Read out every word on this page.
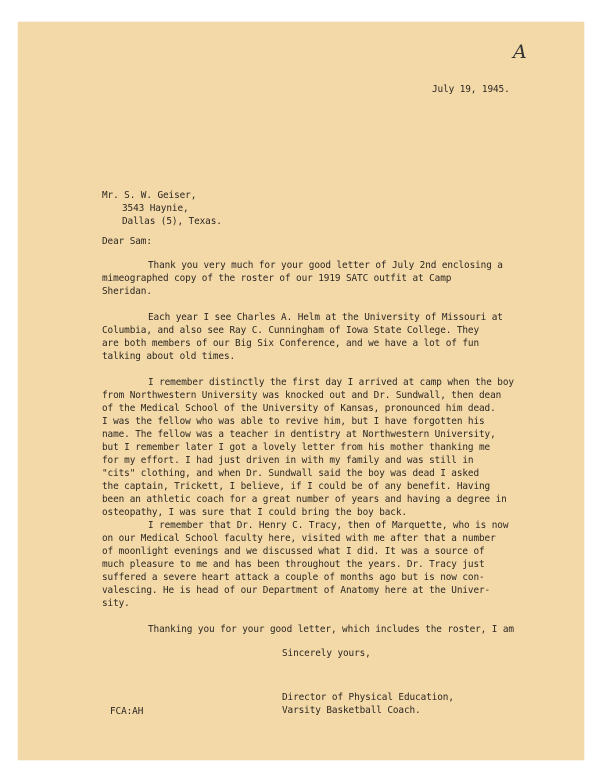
A
July 19, 1945.
Mr. S. W. Geiser,
3543 Haynie,
Dallas (5), Texas.
Dear Sam:
Thank you very much for your good letter of July 2nd enclosing a
mimeographed copy of the roster of our 1919 SATC outfit at Camp
Sheridan.
Each year I see Charles A. Helm at the University of Missouri at
Columbia, and also see Ray C. Cunningham of Iowa State College. They
are both members of our Big Six Conference, and we have a lot of fun
talking about old times.
I remember distinctly the first day I arrived at camp when the boy
from Northwestern University was knocked out and Dr. Sundwall, then dean
of the Medical School of the University of Kansas, pronounced him dead.
I was the fellow who was able to revive him, but I have forgotten his
name. The fellow was a teacher in dentistry at Northwestern University,
but I remember later I got a lovely letter from his mother thanking me
for my effort. I had just driven in with my family and was still in
"cits" clothing, and when Dr. Sundwall said the boy was dead I asked
the captain, Trickett, I believe, if I could be of any benefit. Having
been an athletic coach for a great number of years and having a degree in
osteopathy, I was sure that I could bring the boy back.
I remember that Dr. Henry C. Tracy, then of Marquette, who is now
on our Medical School faculty here, visited with me after that a number
of moonlight evenings and we discussed what I did. It was a source of
much pleasure to me and has been throughout the years. Dr. Tracy just
suffered a severe heart attack a couple of months ago but is now con-
valescing. He is head of our Department of Anatomy here at the Univer-
sity.
Thanking you for your good letter, which includes the roster, I am
Sincerely yours,
Director of Physical Education,
Varsity Basketball Coach.
FCA:AH
